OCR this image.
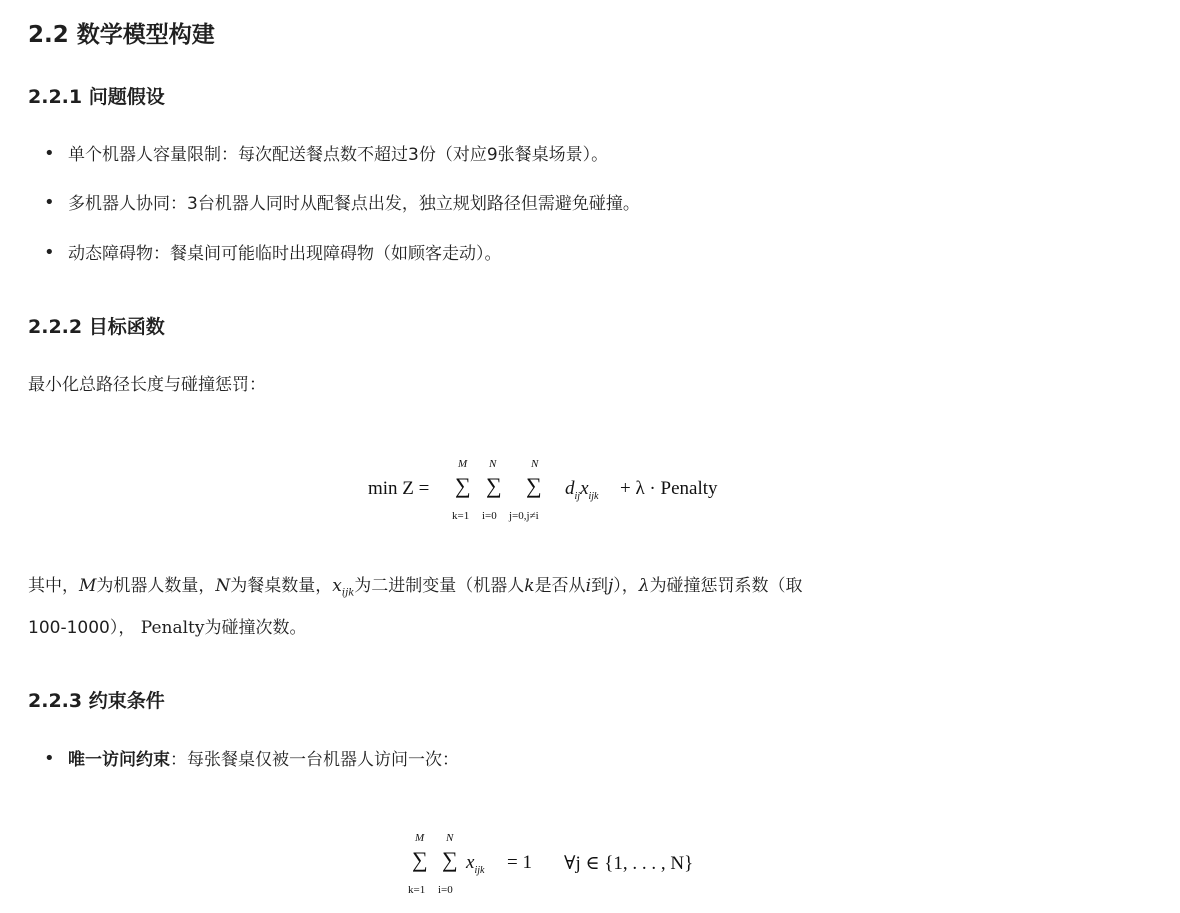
2.2 数学模型构建
2.2.1 问题假设
• 单个机器人容量限制：每次配送餐点数不超过3份（对应9张餐桌场景）。
• 多机器人协同：3台机器人同时从配餐点出发，独立规划路径但需避免碰撞。
• 动态障碍物：餐桌间可能临时出现障碍物（如顾客走动）。
2.2.2 目标函数
最小化总路径长度与碰撞惩罚：
min Z =
M
∑
k=1
N
∑
i=0
N
∑
j=0,j≠i
$d_{ij}x_{ijk} + \lambda$ · Penalty
其中，M为机器人数量，N为餐桌数量，$x_{ijk}$为二进制变量（机器人k是否从i到j），λ为碰撞惩罚系数（取
100-1000）， Penalty为碰撞次数。
2.2.3 约束条件
• 唯一访问约束：每张餐桌仅被一台机器人访问一次：
M
∑
k=1
N
∑
i=0
$x_{ijk} = 1$ ∀j ∈ {1, . . . , N}
